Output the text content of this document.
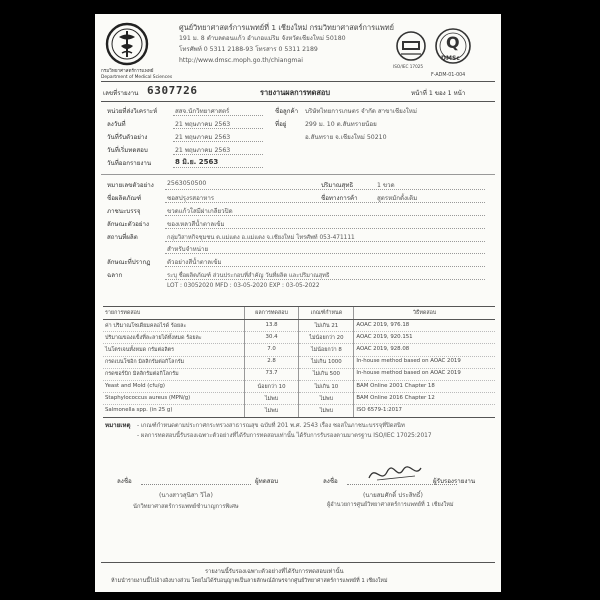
กรมวิทยาศาสตร์การแพทย์
Department of Medical Sciences
ศูนย์วิทยาศาสตร์การแพทย์ที่ 1 เชียงใหม่ กรมวิทยาศาสตร์การแพทย์
191 ม. 8 ตำบลดอนแก้ว อำเภอแม่ริม จังหวัดเชียงใหม่ 50180
โทรศัพท์ 0 5311 2188-93 โทรสาร 0 5311 2189
http://www.dmsc.moph.go.th/chiangmai
ISO/IEC 17025
Q
DMSc
F-ADM-01-004
เลขที่รายงาน 6307726	รายงานผลการทดสอบ	หน้าที่ 1 ของ 1 หน้า
หน่วยที่ส่งวิเคราะห์	สสจ.นักวิทยาศาสตร์
ลงวันที่	21 พฤษภาคม 2563
วันที่รับตัวอย่าง	21 พฤษภาคม 2563
วันที่เริ่มทดสอบ	21 พฤษภาคม 2563
วันที่ออกรายงาน	8 มิ.ย. 2563
ชื่อลูกค้า บริษัทไทยการเกษตร จำกัด สาขาเชียงใหม่
ที่อยู่	299 ม. 10 ต.สันทรายน้อย
อ.สันทราย จ.เชียงใหม่ 50210
หมายเลขตัวอย่าง 2563050500	ปริมาณสุทธิ	1 ขวด
ชื่อผลิตภัณฑ์	ซอสปรุงรสอาหาร	ชื่อทางการค้า	สูตรหมักดั้งเดิม
ภาชนะบรรจุ	ขวดแก้วใสมีฝาเกลียวปิด
ลักษณะตัวอย่าง	ของเหลวสีน้ำตาลเข้ม
สถานที่ผลิต	กลุ่มวิสาหกิจชุมชน ต.แม่แตง อ.แม่แตง จ.เชียงใหม่ โทรศัพท์ 053-471111
สำหรับจำหน่าย
ลักษณะที่ปรากฏ	ตัวอย่างสีน้ำตาลเข้ม
ฉลาก	ระบุ ชื่อผลิตภัณฑ์ ส่วนประกอบที่สำคัญ วันที่ผลิต และปริมาณสุทธิ
LOT : 03052020 MFD : 03-05-2020 EXP : 03-05-2022
รายการทดสอบ	ผลการทดสอบ	เกณฑ์กำหนด	วิธีทดสอบ
ค่า ปริมาณโซเดียมคลอไรด์ ร้อยละ	13.8	ไม่เกิน 21	AOAC 2019, 976.18
ปริมาณของแข็งที่ละลายได้ทั้งหมด ร้อยละ	30.4	ไม่น้อยกว่า 20	AOAC 2019, 920.151
ไนโตรเจนทั้งหมด กรัมต่อลิตร	7.0	ไม่น้อยกว่า 8	AOAC 2019, 928.08
กรดเบนโซอิก มิลลิกรัมต่อกิโลกรัม	2.8	ไม่เกิน 1000	In-house method based on AOAC 2019
กรดซอร์บิก มิลลิกรัมต่อกิโลกรัม	73.7	ไม่เกิน 500	In-house method based on AOAC 2019
Yeast and Mold (cfu/g)	น้อยกว่า 10	ไม่เกิน 10	BAM Online 2001 Chapter 18
Staphylococcus aureus (MPN/g)	ไม่พบ	ไม่พบ	BAM Online 2016 Chapter 12
Salmonella spp. (in 25 g)	ไม่พบ	ไม่พบ	ISO 6579-1:2017
หมายเหตุ - เกณฑ์กำหนดตามประกาศกระทรวงสาธารณสุข ฉบับที่ 201 พ.ศ. 2543 เรื่อง ซอสในภาชนะบรรจุที่ปิดสนิท
- ผลการทดสอบนี้รับรองเฉพาะตัวอย่างที่ได้รับการทดสอบเท่านั้น ได้รับการรับรองตามมาตรฐาน ISO/IEC 17025:2017
ลงชื่อ	ผู้ทดสอบ
(นางสาวสุนิสา วิไล)
นักวิทยาศาสตร์การแพทย์ชำนาญการพิเศษ
ลงชื่อ	ผู้รับรองรายงาน
(นายสมศักดิ์ ประสิทธิ์)
ผู้อำนวยการศูนย์วิทยาศาสตร์การแพทย์ที่ 1 เชียงใหม่
รายงานนี้รับรองเฉพาะตัวอย่างที่ได้รับการทดสอบเท่านั้น
ห้ามนำรายงานนี้ไปอ้างอิงบางส่วน โดยไม่ได้รับอนุญาตเป็นลายลักษณ์อักษรจากศูนย์วิทยาศาสตร์การแพทย์ที่ 1 เชียงใหม่
